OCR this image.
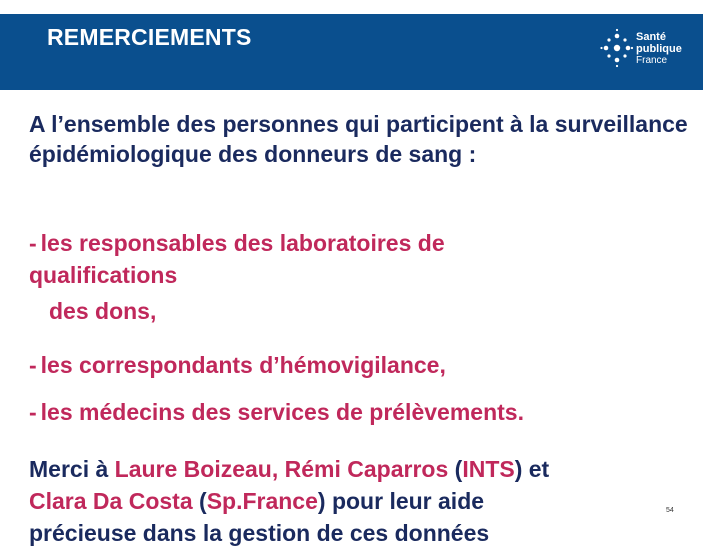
REMERCIEMENTS	Santé
publique
France
A l’ensemble des personnes qui participent à la surveillance épidémiologique des donneurs de sang :
- les responsables des laboratoires de
qualifications
des dons,
- les correspondants d’hémovigilance,
- les médecins des services de prélèvements.
Merci à Laure Boizeau, Rémi Caparros (INTS) et
Clara Da Costa (Sp.France) pour leur aide
précieuse dans la gestion de ces données
54
